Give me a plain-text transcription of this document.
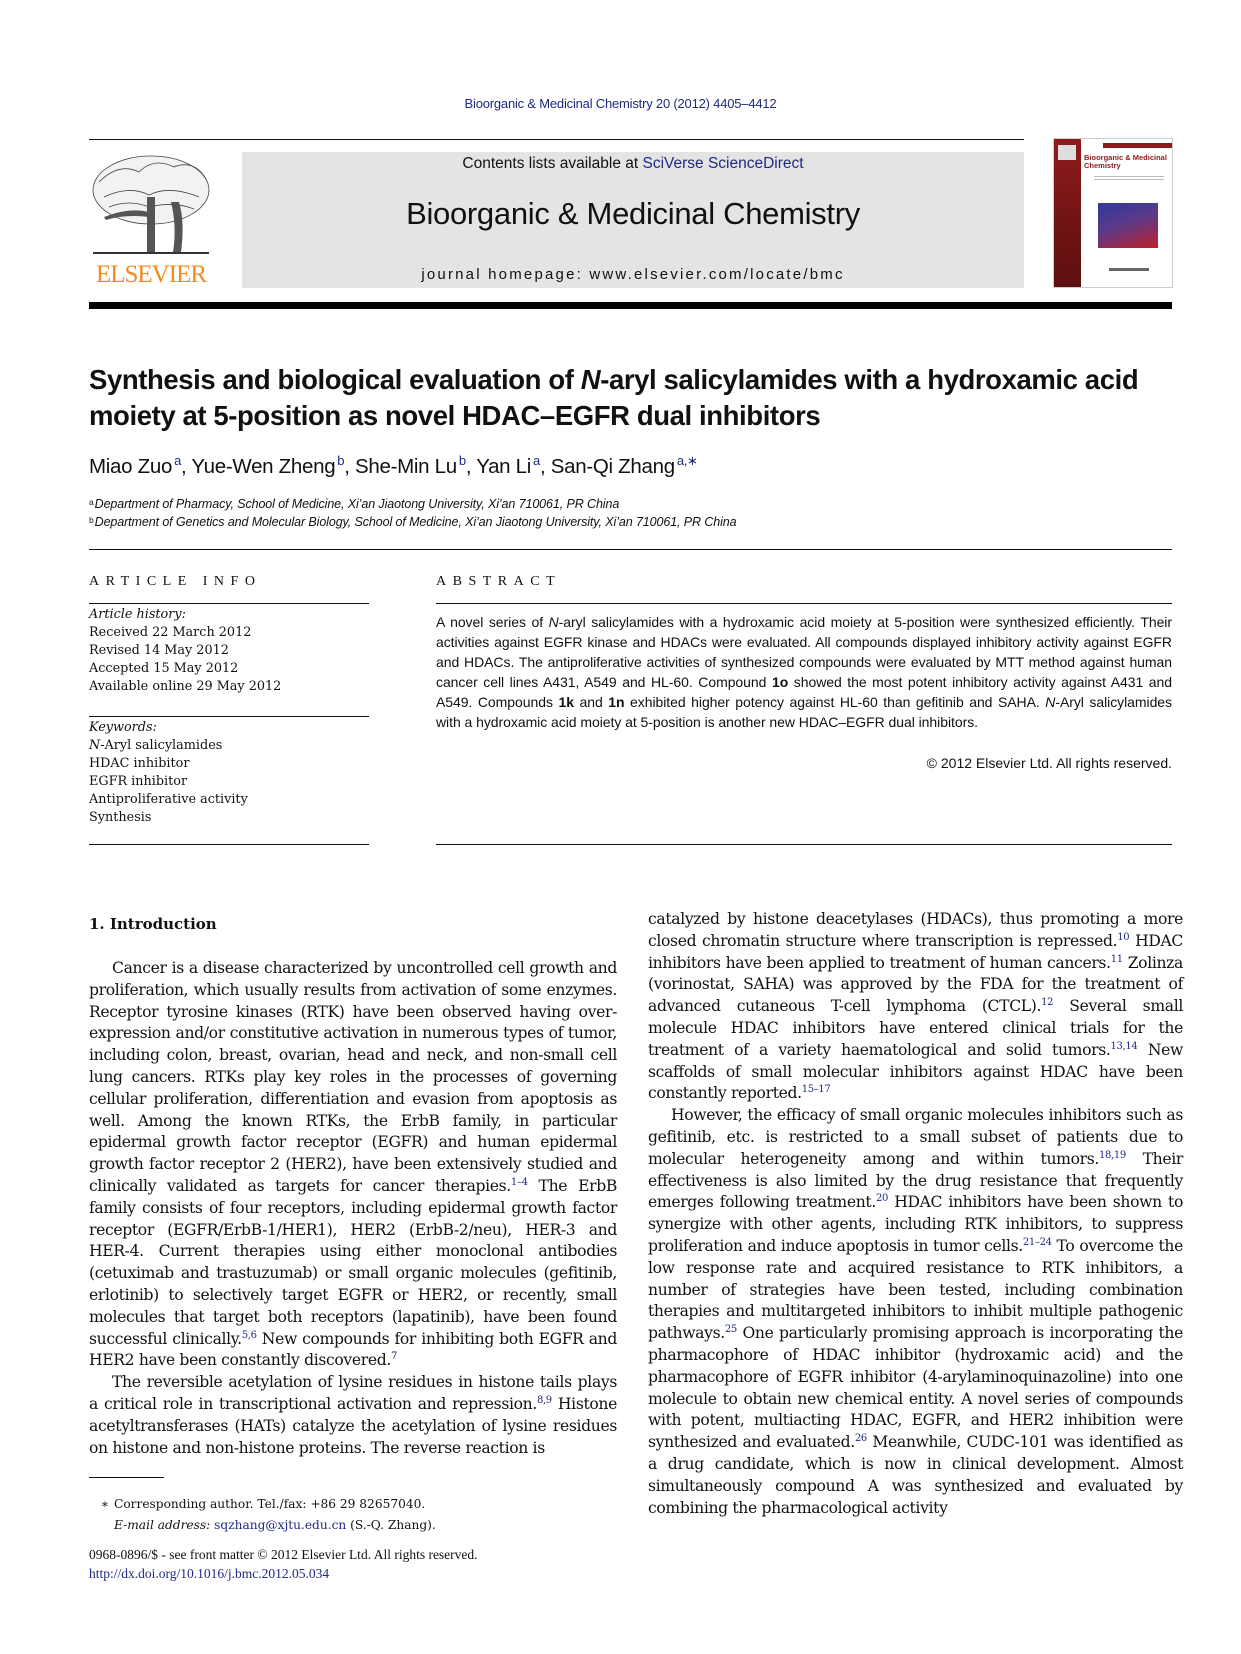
Bioorganic & Medicinal Chemistry 20 (2012) 4405–4412
ELSEVIER
Contents lists available at SciVerse ScienceDirect
Bioorganic & Medicinal Chemistry
journal homepage: www.elsevier.com/locate/bmc
Bioorganic & Medicinal Chemistry
Synthesis and biological evaluation of N-aryl salicylamides with a hydroxamic acid moiety at 5-position as novel HDAC–EGFR dual inhibitors
Miao Zuo $^a$, Yue-Wen Zheng $^b$, She-Min Lu $^b$, Yan Li $^a$, San-Qi Zhang $^{a,∗}$
$^a$Department of Pharmacy, School of Medicine, Xi’an Jiaotong University, Xi’an 710061, PR China
$^b$Department of Genetics and Molecular Biology, School of Medicine, Xi’an Jiaotong University, Xi’an 710061, PR China
ARTICLE INFO
Article history:
Received 22 March 2012
Revised 14 May 2012
Accepted 15 May 2012
Available online 29 May 2012
Keywords:
N-Aryl salicylamides
HDAC inhibitor
EGFR inhibitor
Antiproliferative activity
Synthesis
ABSTRACT
A novel series of N-aryl salicylamides with a hydroxamic acid moiety at 5-position were synthesized efficiently. Their activities against EGFR kinase and HDACs were evaluated. All compounds displayed inhibitory activity against EGFR and HDACs. The antiproliferative activities of synthesized compounds were evaluated by MTT method against human cancer cell lines A431, A549 and HL-60. Compound 1o showed the most potent inhibitory activity against A431 and A549. Compounds 1k and 1n exhibited higher potency against HL-60 than gefitinib and SAHA. N-Aryl salicylamides with a hydroxamic acid moiety at 5-position is another new HDAC–EGFR dual inhibitors.
© 2012 Elsevier Ltd. All rights reserved.
1. Introduction

Cancer is a disease characterized by uncontrolled cell growth and proliferation, which usually results from activation of some enzymes. Receptor tyrosine kinases (RTK) have been observed having over-expression and/or constitutive activation in numerous types of tumor, including colon, breast, ovarian, head and neck, and non-small cell lung cancers. RTKs play key roles in the processes of governing cellular proliferation, differentiation and evasion from apoptosis as well. Among the known RTKs, the ErbB family, in particular epidermal growth factor receptor (EGFR) and human epidermal growth factor receptor 2 (HER2), have been extensively studied and clinically validated as targets for cancer therapies.$^{1-4}$ The ErbB family consists of four receptors, including epidermal growth factor receptor (EGFR/ErbB-1/HER1), HER2 (ErbB-2/neu), HER-3 and HER-4. Current therapies using either monoclonal antibodies (cetuximab and trastuzumab) or small organic molecules (gefitinib, erlotinib) to selectively target EGFR or HER2, or recently, small molecules that target both receptors (lapatinib), have been found successful clinically.$^{5,6}$ New compounds for inhibiting both EGFR and HER2 have been constantly discovered.$^7$

The reversible acetylation of lysine residues in histone tails plays a critical role in transcriptional activation and repression.$^{8,9}$ Histone acetyltransferases (HATs) catalyze the acetylation of lysine residues on histone and non-histone proteins. The reverse reaction is

catalyzed by histone deacetylases (HDACs), thus promoting a more closed chromatin structure where transcription is repressed.$^{10}$ HDAC inhibitors have been applied to treatment of human cancers.$^{11}$ Zolinza (vorinostat, SAHA) was approved by the FDA for the treatment of advanced cutaneous T-cell lymphoma (CTCL).$^{12}$ Several small molecule HDAC inhibitors have entered clinical trials for the treatment of a variety haematological and solid tumors.$^{13,14}$ New scaffolds of small molecular inhibitors against HDAC have been constantly reported.$^{15-17}$

However, the efficacy of small organic molecules inhibitors such as gefitinib, etc. is restricted to a small subset of patients due to molecular heterogeneity among and within tumors.$^{18,19}$ Their effectiveness is also limited by the drug resistance that frequently emerges following treatment.$^{20}$ HDAC inhibitors have been shown to synergize with other agents, including RTK inhibitors, to suppress proliferation and induce apoptosis in tumor cells.$^{21-24}$ To overcome the low response rate and acquired resistance to RTK inhibitors, a number of strategies have been tested, including combination therapies and multitargeted inhibitors to inhibit multiple pathogenic pathways.$^{25}$ One particularly promising approach is incorporating the pharmacophore of HDAC inhibitor (hydroxamic acid) and the pharmacophore of EGFR inhibitor (4-arylaminoquinazoline) into one molecule to obtain new chemical entity. A novel series of compounds with potent, multiacting HDAC, EGFR, and HER2 inhibition were synthesized and evaluated.$^{26}$ Meanwhile, CUDC-101 was identified as a drug candidate, which is now in clinical development. Almost simultaneously compound A was synthesized and evaluated by combining the pharmacological activity

∗ Corresponding author. Tel./fax: +86 29 82657040.
E-mail address: sqzhang@xjtu.edu.cn (S.-Q. Zhang).
0968-0896/$ - see front matter © 2012 Elsevier Ltd. All rights reserved.
http://dx.doi.org/10.1016/j.bmc.2012.05.034
